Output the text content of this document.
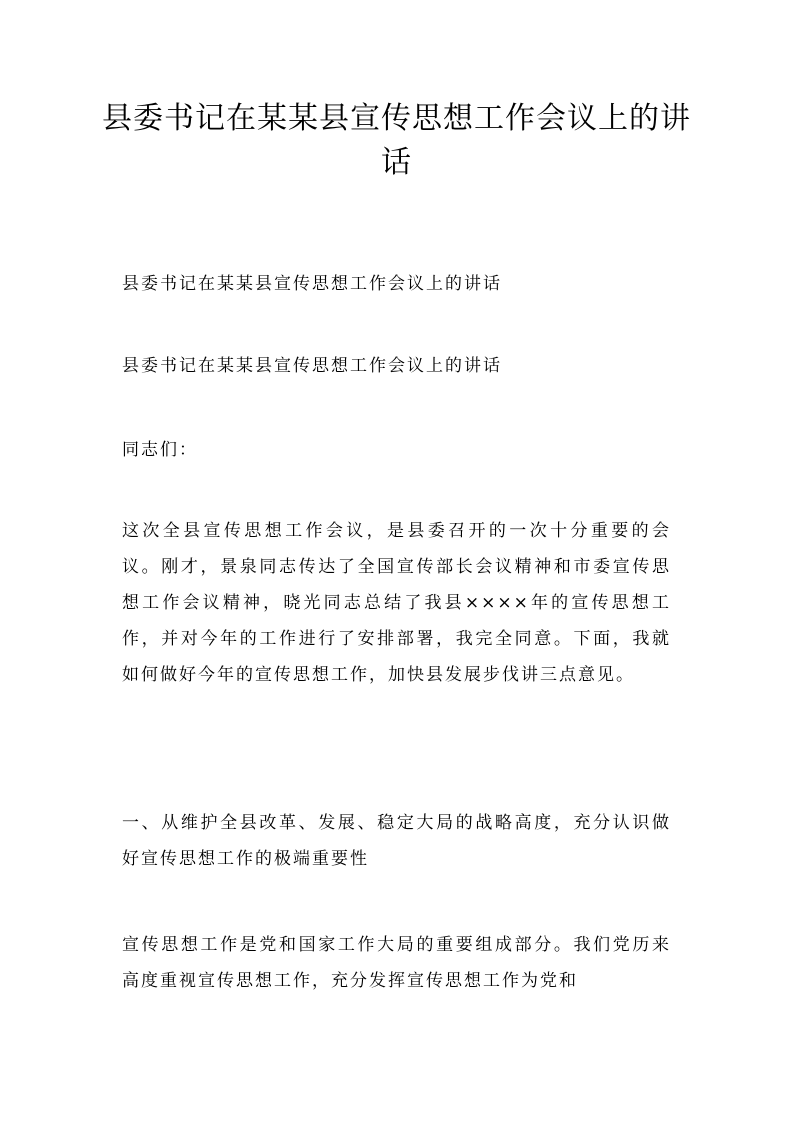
县委书记在某某县宣传思想工作会议上的讲话

县委书记在某某县宣传思想工作会议上的讲话

县委书记在某某县宣传思想工作会议上的讲话

同志们：

这次全县宣传思想工作会议，是县委召开的一次十分重要的会议。刚才，景泉同志传达了全国宣传部长会议精神和市委宣传思想工作会议精神，晓光同志总结了我县××××年的宣传思想工作，并对今年的工作进行了安排部署，我完全同意。下面，我就如何做好今年的宣传思想工作，加快县发展步伐讲三点意见。

一、从维护全县改革、发展、稳定大局的战略高度，充分认识做好宣传思想工作的极端重要性

宣传思想工作是党和国家工作大局的重要组成部分。我们党历来高度重视宣传思想工作，充分发挥宣传思想工作为党和
